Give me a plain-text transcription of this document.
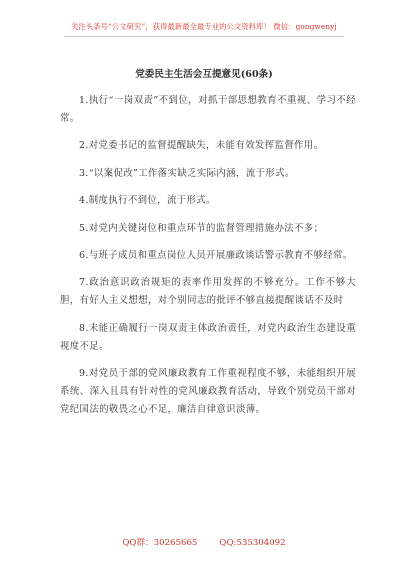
关注头条号“公文研究”，获得最新最全最专业的公文资料库！ 微信：gongwenyj
党委民主生活会互提意见(60条)

1.执行“一岗双责”不到位，对抓干部思想教育不重视、学习不经常。

2.对党委书记的监督提醒缺失，未能有效发挥监督作用。

3.“以案促改”工作落实缺乏实际内涵，流于形式。

4.制度执行不到位，流于形式。

5.对党内关键岗位和重点环节的监督管理措施办法不多；

6.与班子成员和重点岗位人员开展廉政谈话警示教育不够经常。

7.政治意识政治规矩的表率作用发挥的不够充分。工作不够大胆，有好人主义想想，对个别同志的批评不够直接提醒谈话不及时

8.未能正确履行一岗双责主体政治责任，对党内政治生态建设重视度不足。

9.对党员干部的党风廉政教育工作重视程度不够，未能组织开展系统、深入且具有针对性的党风廉政教育活动，导致个别党员干部对党纪国法的敬畏之心不足，廉洁自律意识淡薄。

QQ群：30265665	QQ:535304092
